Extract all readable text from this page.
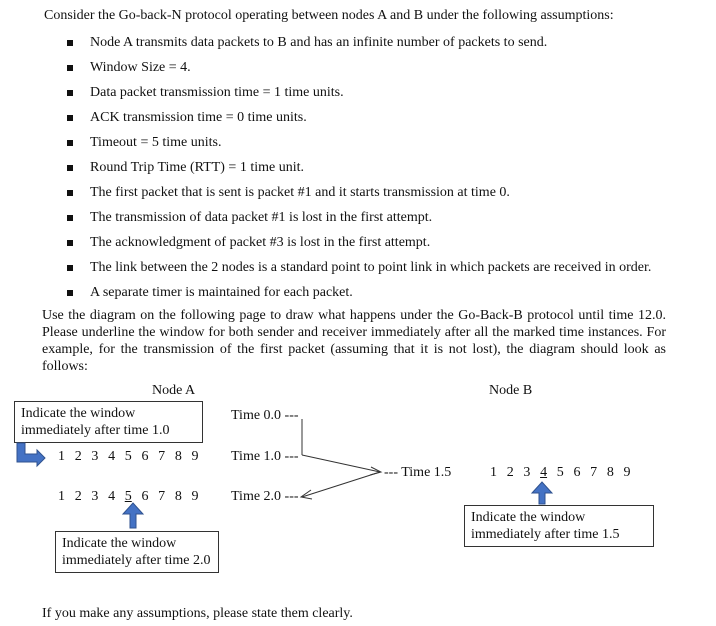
Consider the Go-back-N protocol operating between nodes A and B under the following assumptions:
Node A transmits data packets to B and has an infinite number of packets to send.
Window Size = 4.
Data packet transmission time = 1 time units.
ACK transmission time = 0 time units.
Timeout = 5 time units.
Round Trip Time (RTT) = 1 time unit.
The first packet that is sent is packet #1 and it starts transmission at time 0.
The transmission of data packet #1 is lost in the first attempt.
The acknowledgment of packet #3 is lost in the first attempt.
The link between the 2 nodes is a standard point to point link in which packets are received in order.
A separate timer is maintained for each packet.
Use the diagram on the following page to draw what happens under the Go-Back-B protocol until time 12.0. Please underline the window for both sender and receiver immediately after all the marked time instances. For example, for the transmission of the first packet (assuming that it is not lost), the diagram should look as follows:
Node A	Node B
Indicate the window
immediately after time 1.0
Indicate the window
immediately after time 2.0
Indicate the window
immediately after time 1.5
Time 0.0 ---
Time 1.0 ---
Time 2.0 ---
--- Time 1.5
1 2 3 4 5 6 7 8 9
1 2 3 4 5 6 7 8 9
1 2 3 4 5 6 7 8 9
If you make any assumptions, please state them clearly.
